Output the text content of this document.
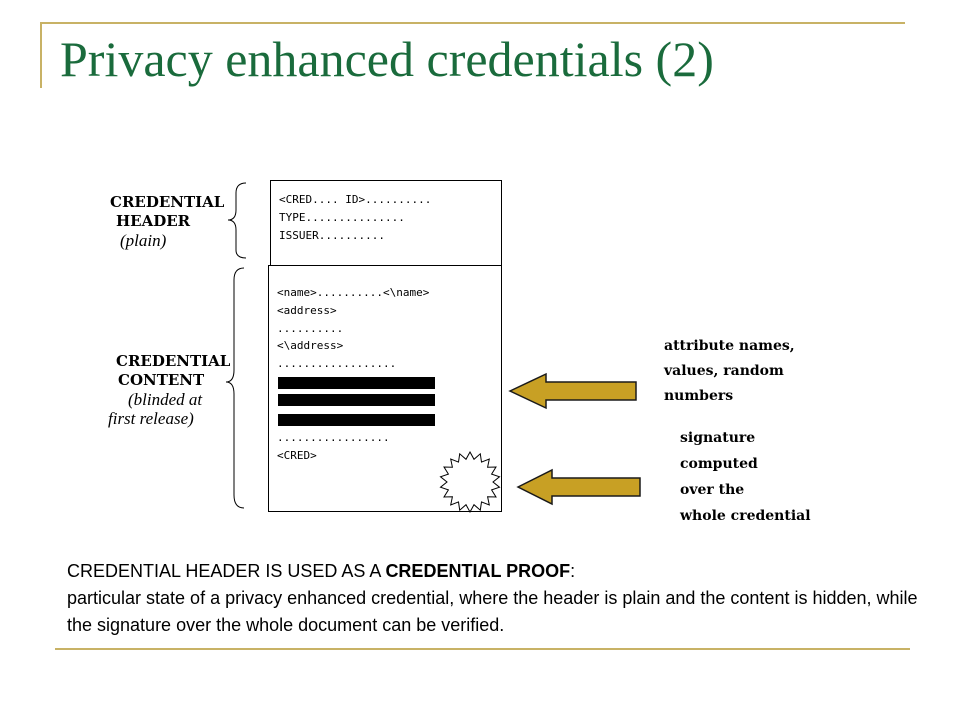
Privacy enhanced credentials (2)
CREDENTIAL
HEADER
(plain)
CREDENTIAL
CONTENT
(blinded at
first release)
<CRED.... ID>..........
TYPE...............
ISSUER..........
<name>..........<\name>
<address>
..........
<\address>
..................
.................
<CRED>
attribute names,
values, random
numbers
signature
computed
over the
whole credential
CREDENTIAL HEADER IS USED AS A CREDENTIAL PROOF:
particular state of a privacy enhanced credential, where the header is plain and the content is hidden, while the signature over the whole document can be verified.
